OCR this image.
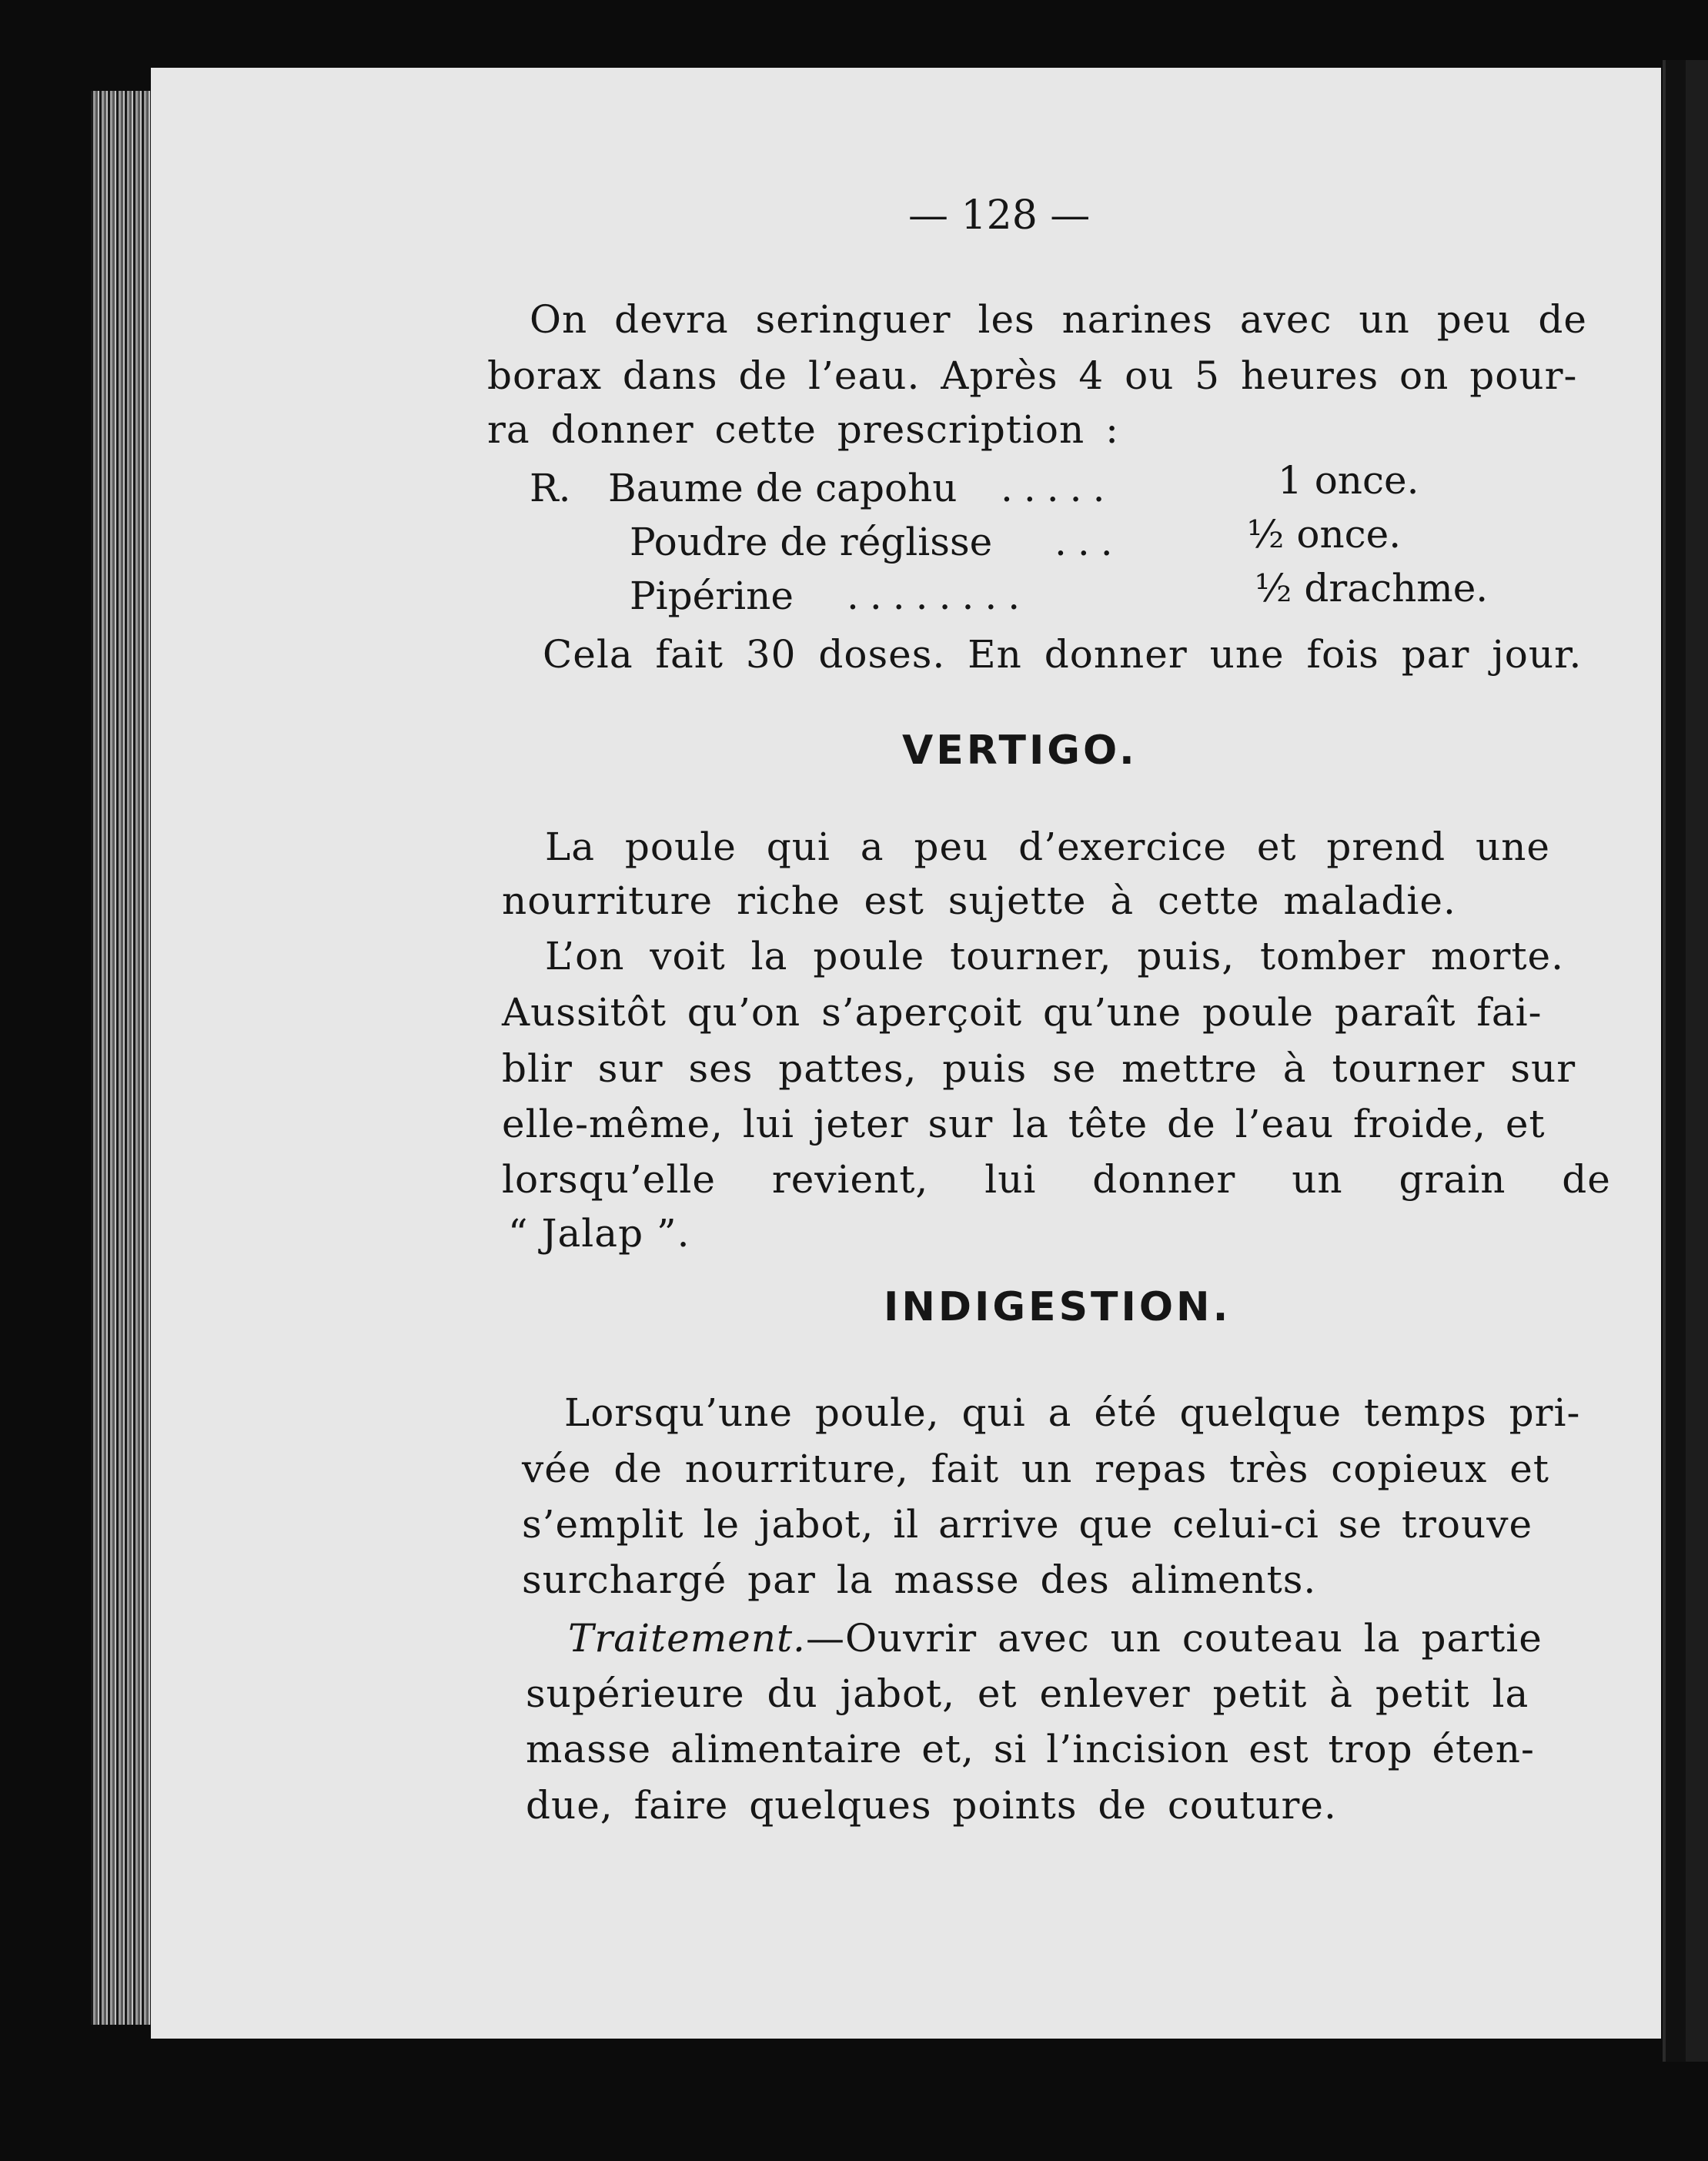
— 128 —
On devra seringuer les narines avec un peu de
borax dans de l’eau. Après 4 ou 5 heures on pour-
ra donner cette prescription :
R. Baume de capohu .....	1 once.
Poudre de réglisse ...	½ once.
Pipérine ........	½ drachme.
Cela fait 30 doses. En donner une fois par jour.
VERTIGO.
La poule qui a peu d’exercice et prend une
nourriture riche est sujette à cette maladie.
L’on voit la poule tourner, puis, tomber morte.
Aussitôt qu’on s’aperçoit qu’une poule paraît fai-
blir sur ses pattes, puis se mettre à tourner sur
elle-même, lui jeter sur la tête de l’eau froide, et
lorsqu’elle revient, lui donner un grain de
“ Jalap ”.
INDIGESTION.
Lorsqu’une poule, qui a été quelque temps pri-
vée de nourriture, fait un repas très copieux et
s’emplit le jabot, il arrive que celui-ci se trouve
surchargé par la masse des aliments.
Traitement.—Ouvrir avec un couteau la partie
supérieure du jabot, et enlever petit à petit la
masse alimentaire et, si l’incision est trop éten-
due, faire quelques points de couture.
